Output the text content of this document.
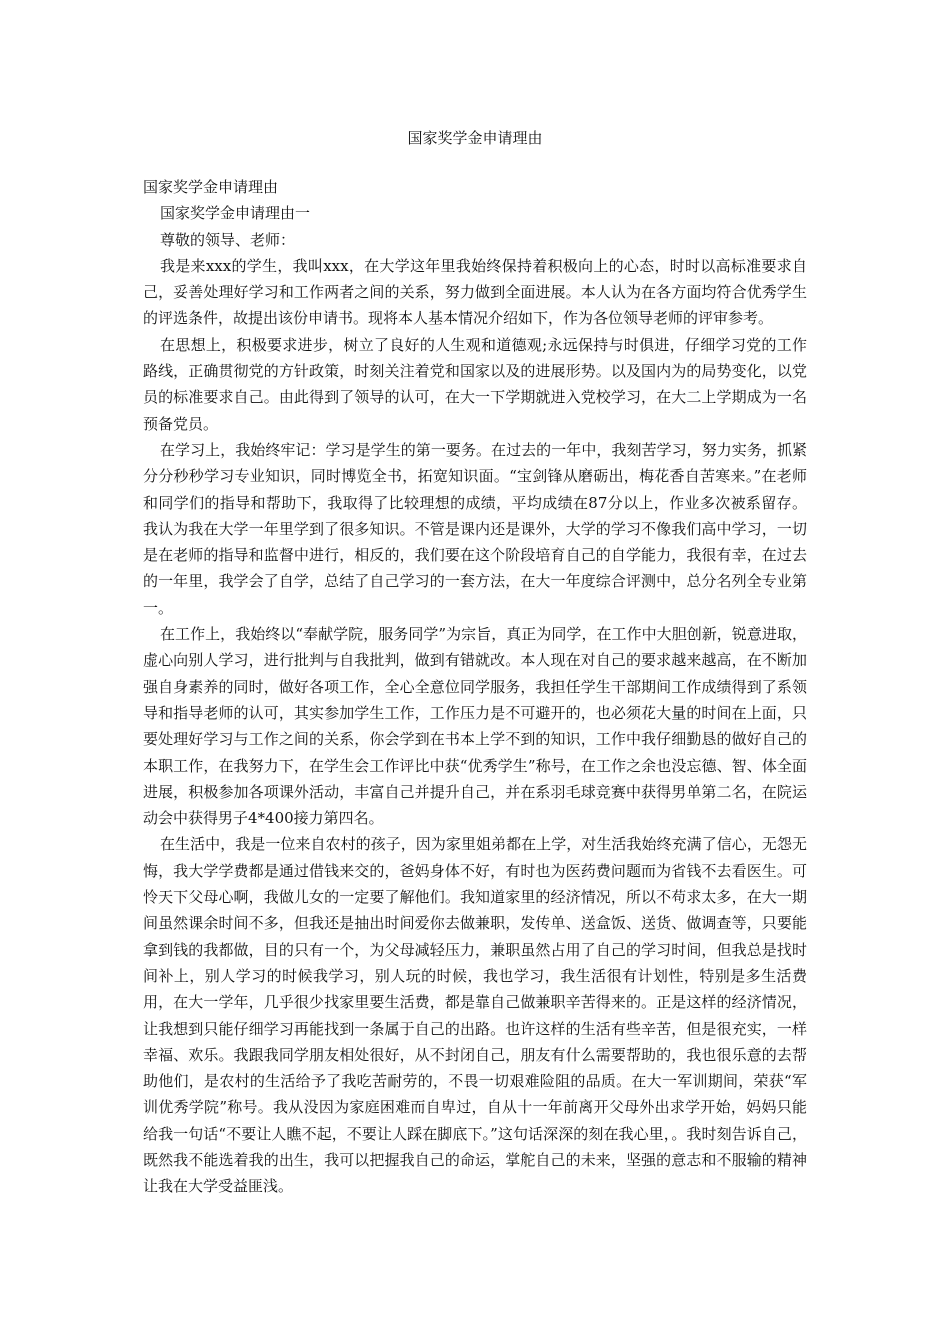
国家奖学金申请理由

国家奖学金申请理由

国家奖学金申请理由一

尊敬的领导、老师：

我是来xxx的学生，我叫xxx，在大学这年里我始终保持着积极向上的心态，时时以高标准要求自己，妥善处理好学习和工作两者之间的关系，努力做到全面进展。本人认为在各方面均符合优秀学生的评选条件，故提出该份申请书。现将本人基本情况介绍如下，作为各位领导老师的评审参考。

在思想上，积极要求进步，树立了良好的人生观和道德观;永远保持与时俱进，仔细学习党的工作路线，正确贯彻党的方针政策，时刻关注着党和国家以及的进展形势。以及国内为的局势变化，以党员的标准要求自己。由此得到了领导的认可，在大一下学期就进入党校学习，在大二上学期成为一名预备党员。

在学习上，我始终牢记：学习是学生的第一要务。在过去的一年中，我刻苦学习，努力实务，抓紧分分秒秒学习专业知识，同时博览全书，拓宽知识面。“宝剑锋从磨砺出，梅花香自苦寒来。”在老师和同学们的指导和帮助下，我取得了比较理想的成绩，平均成绩在87分以上，作业多次被系留存。我认为我在大学一年里学到了很多知识。不管是课内还是课外，大学的学习不像我们高中学习，一切是在老师的指导和监督中进行，相反的，我们要在这个阶段培育自己的自学能力，我很有幸，在过去的一年里，我学会了自学，总结了自己学习的一套方法，在大一年度综合评测中，总分名列全专业第一。

在工作上，我始终以“奉献学院，服务同学”为宗旨，真正为同学，在工作中大胆创新，锐意进取，虚心向别人学习，进行批判与自我批判，做到有错就改。本人现在对自己的要求越来越高，在不断加强自身素养的同时，做好各项工作，全心全意位同学服务，我担任学生干部期间工作成绩得到了系领导和指导老师的认可，其实参加学生工作，工作压力是不可避开的，也必须花大量的时间在上面，只要处理好学习与工作之间的关系，你会学到在书本上学不到的知识，工作中我仔细勤恳的做好自己的本职工作，在我努力下，在学生会工作评比中获“优秀学生”称号，在工作之余也没忘德、智、体全面进展，积极参加各项课外活动，丰富自己并提升自己，并在系羽毛球竞赛中获得男单第二名，在院运动会中获得男子4*400接力第四名。

在生活中，我是一位来自农村的孩子，因为家里姐弟都在上学，对生活我始终充满了信心，无怨无悔，我大学学费都是通过借钱来交的，爸妈身体不好，有时也为医药费问题而为省钱不去看医生。可怜天下父母心啊，我做儿女的一定要了解他们。我知道家里的经济情况，所以不苟求太多，在大一期间虽然课余时间不多，但我还是抽出时间爱你去做兼职，发传单、送盒饭、送货、做调查等，只要能拿到钱的我都做，目的只有一个，为父母减轻压力，兼职虽然占用了自己的学习时间，但我总是找时间补上，别人学习的时候我学习，别人玩的时候，我也学习，我生活很有计划性，特别是多生活费用，在大一学年，几乎很少找家里要生活费，都是靠自己做兼职辛苦得来的。正是这样的经济情况，让我想到只能仔细学习再能找到一条属于自己的出路。也许这样的生活有些辛苦，但是很充实，一样幸福、欢乐。我跟我同学朋友相处很好，从不封闭自己，朋友有什么需要帮助的，我也很乐意的去帮助他们，是农村的生活给予了我吃苦耐劳的，不畏一切艰难险阻的品质。在大一军训期间，荣获“军训优秀学院”称号。我从没因为家庭困难而自卑过，自从十一年前离开父母外出求学开始，妈妈只能给我一句话“不要让人瞧不起，不要让人踩在脚底下。”这句话深深的刻在我心里，。我时刻告诉自己，既然我不能选着我的出生，我可以把握我自己的命运，掌舵自己的未来，坚强的意志和不服输的精神让我在大学受益匪浅。
